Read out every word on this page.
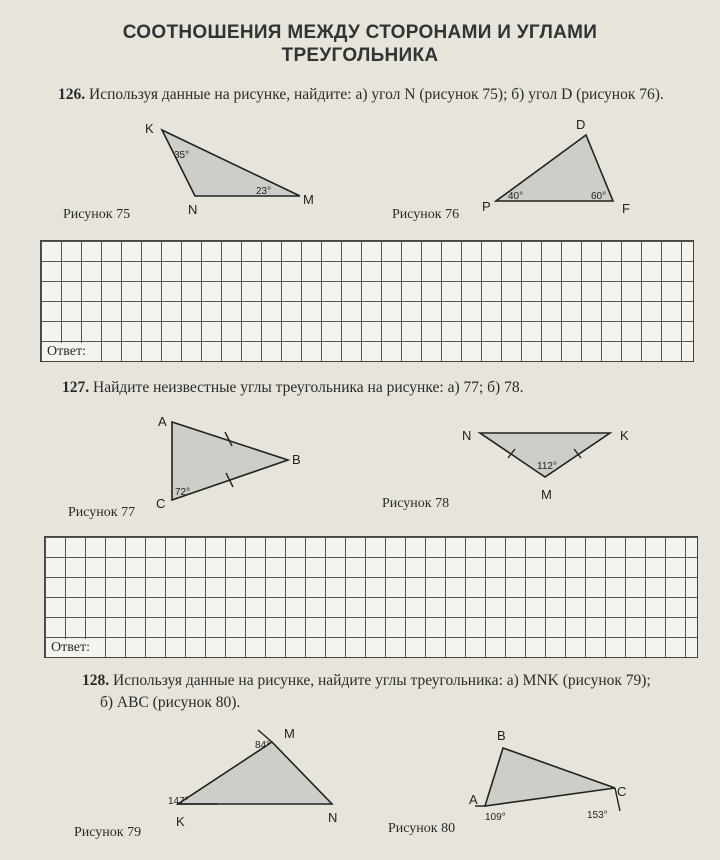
СООТНОШЕНИЯ МЕЖДУ СТОРОНАМИ И УГЛАМИ
ТРЕУГОЛЬНИКА
126. Используя данные на рисунке, найдите: а) угол N (рисунок 75); б) угол D (рисунок 76).
K
N
M
35°
23°
Рисунок 75
D
P	F
40°	60°
Рисунок 76
Ответ:
127. Найдите неизвестные углы треугольника на рисунке: а) 77; б) 78.
A
B
C
72°
Рисунок 77
N	K
M
112°
Рисунок 78
Ответ:
128. Используя данные на рисунке, найдите углы треугольника: а) MNK (рисунок 79);
б) ABC (рисунок 80).
M
K	N
84°
147°
Рисунок 79
B
A
C
109°	153°
Рисунок 80
